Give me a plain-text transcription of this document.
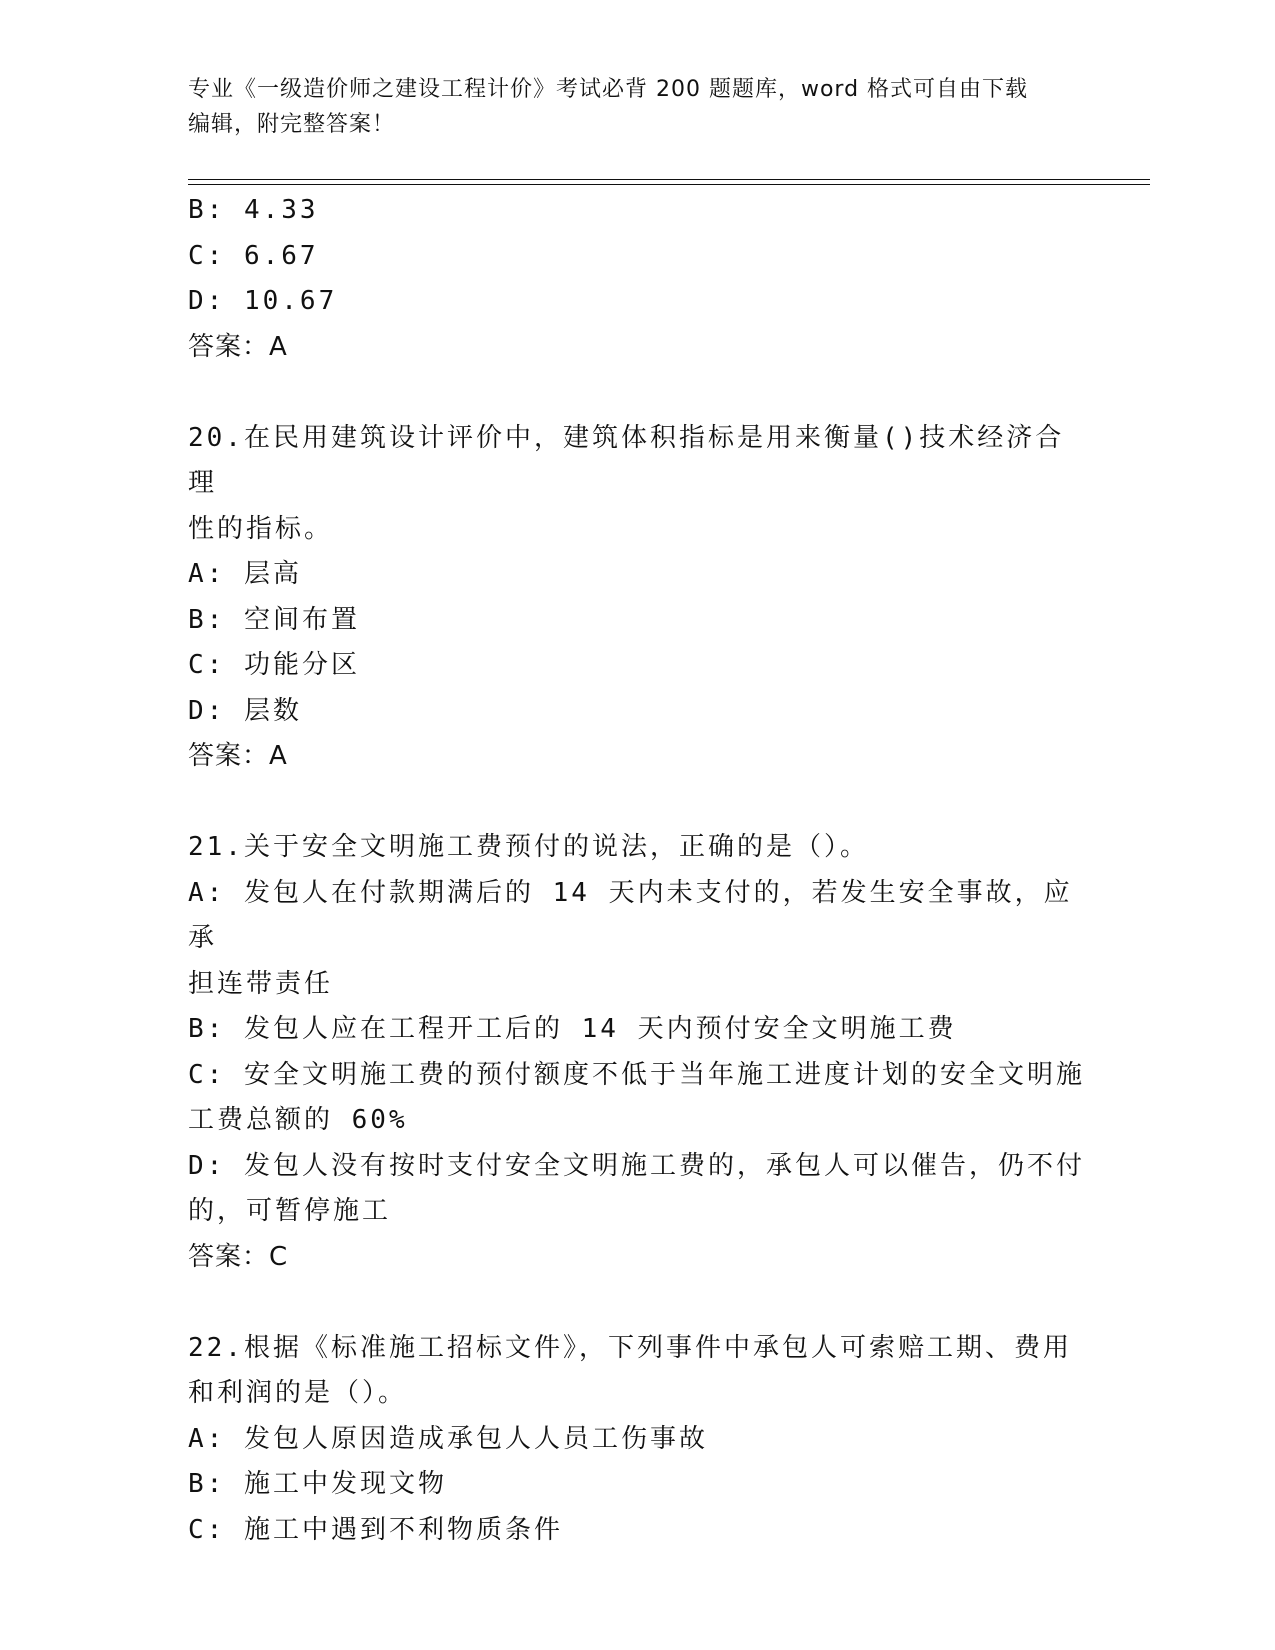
专业《一级造价师之建设工程计价》考试必背 200 题题库，word 格式可自由下载
编辑，附完整答案！
B: 4.33
C: 6.67
D: 10.67
答案：A
20.在民用建筑设计评价中，建筑体积指标是用来衡量()技术经济合理
性的指标。
A: 层高
B: 空间布置
C: 功能分区
D: 层数
答案：A
21.关于安全文明施工费预付的说法，正确的是（）。
A: 发包人在付款期满后的 14 天内未支付的，若发生安全事故，应承
担连带责任
B: 发包人应在工程开工后的 14 天内预付安全文明施工费
C: 安全文明施工费的预付额度不低于当年施工进度计划的安全文明施
工费总额的 60%
D: 发包人没有按时支付安全文明施工费的，承包人可以催告，仍不付
的，可暂停施工
答案：C
22.根据《标准施工招标文件》，下列事件中承包人可索赔工期、费用
和利润的是（）。
A: 发包人原因造成承包人人员工伤事故
B: 施工中发现文物
C: 施工中遇到不利物质条件
